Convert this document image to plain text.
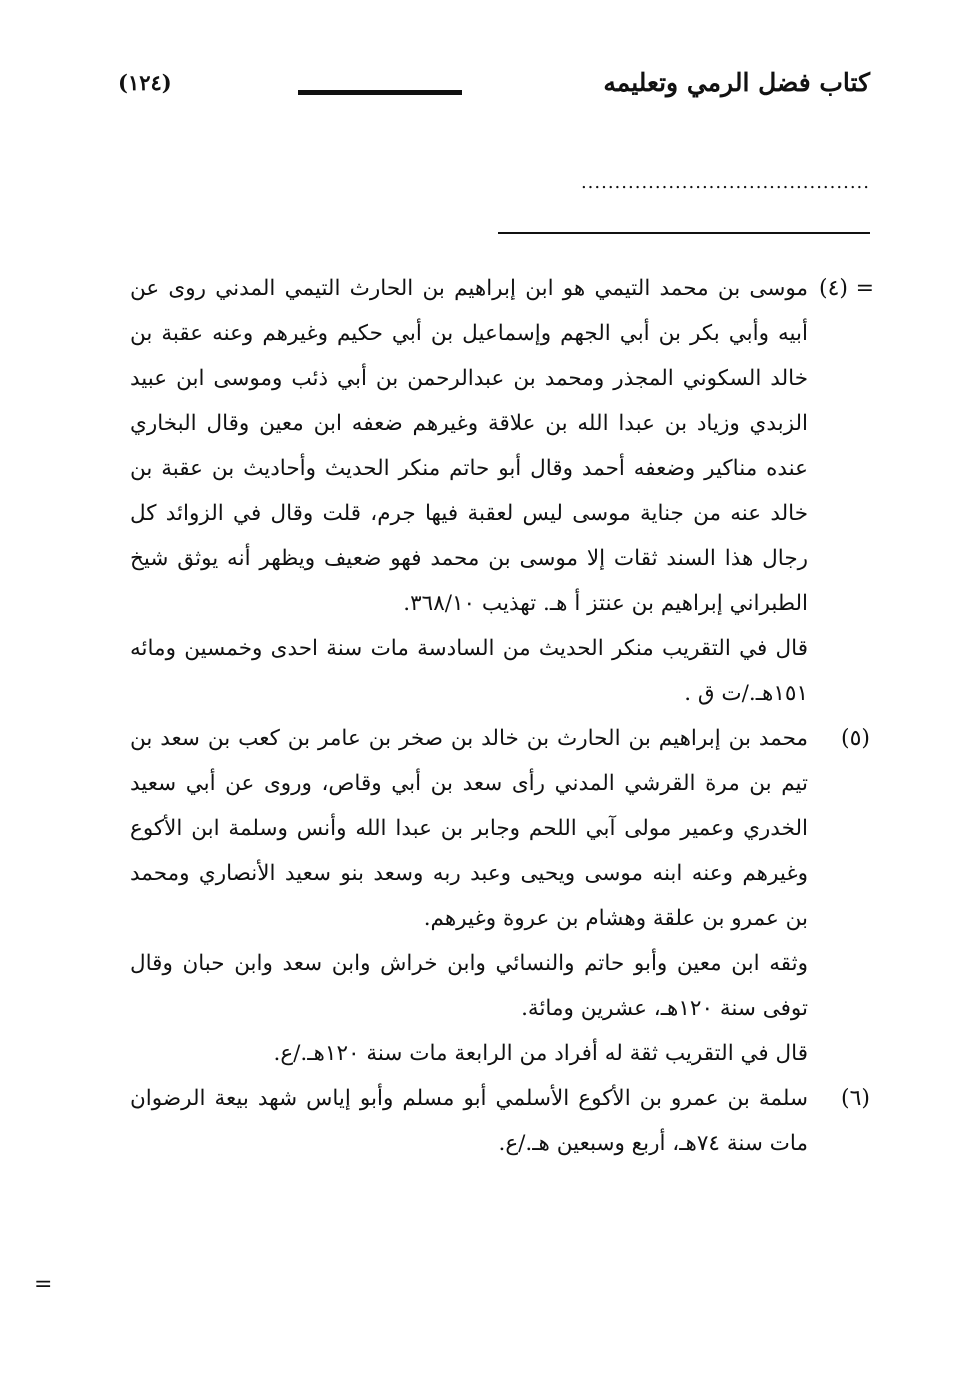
كتاب فضل الرمي وتعليمه
(١٢٤)
...........................................
=
(٤)

موسى بن محمد التيمي هو ابن إبراهيم بن الحارث التيمي المدني روى عن أبيه وأبي بكر بن أبي الجهم وإسماعيل بن أبي حكيم وغيرهم وعنه عقبة بن خالد السكوني المجذر ومحمد بن عبدالرحمن بن أبي ذئب وموسى ابن عبيد الزبدي وزياد بن عبدا الله بن علاقة وغيرهم ضعفه ابن معين وقال البخاري عنده مناكير وضعفه أحمد وقال أبو حاتم منكر الحديث وأحاديث بن عقبة بن خالد عنه من جناية موسى ليس لعقبة فيها جرم، قلت وقال في الزوائد كل رجال هذا السند ثقات إلا موسى بن محمد فهو ضعيف ويظهر أنه يوثق شيخ الطبراني إبراهيم بن عنتز أ هـ. تهذيب ٣٦٨/١٠.

قال في التقريب منكر الحديث من السادسة مات سنة احدى وخمسين ومائه ١٥١هـ./ت ق .

(٥)

محمد بن إبراهيم بن الحارث بن خالد بن صخر بن عامر بن كعب بن سعد بن تيم بن مرة القرشي المدني رأى سعد بن أبي وقاص، وروى عن أبي سعيد الخدري وعمير مولى آبي اللحم وجابر بن عبدا الله وأنس وسلمة ابن الأكوع وغيرهم وعنه ابنه موسى ويحيى وعبد ربه وسعد بنو سعيد الأنصاري ومحمد بن عمرو بن علقة وهشام بن عروة وغيرهم.

وثقه ابن معين وأبو حاتم والنسائي وابن خراش وابن سعد وابن حبان وقال توفى سنة ١٢٠هـ، عشرين ومائة.

قال في التقريب ثقة له أفراد من الرابعة مات سنة ١٢٠هـ./ع.

(٦)

سلمة بن عمرو بن الأكوع الأسلمي أبو مسلم وأبو إياس شهد بيعة الرضوان مات سنة ٧٤هـ، أربع وسبعين هـ./ع.

=
